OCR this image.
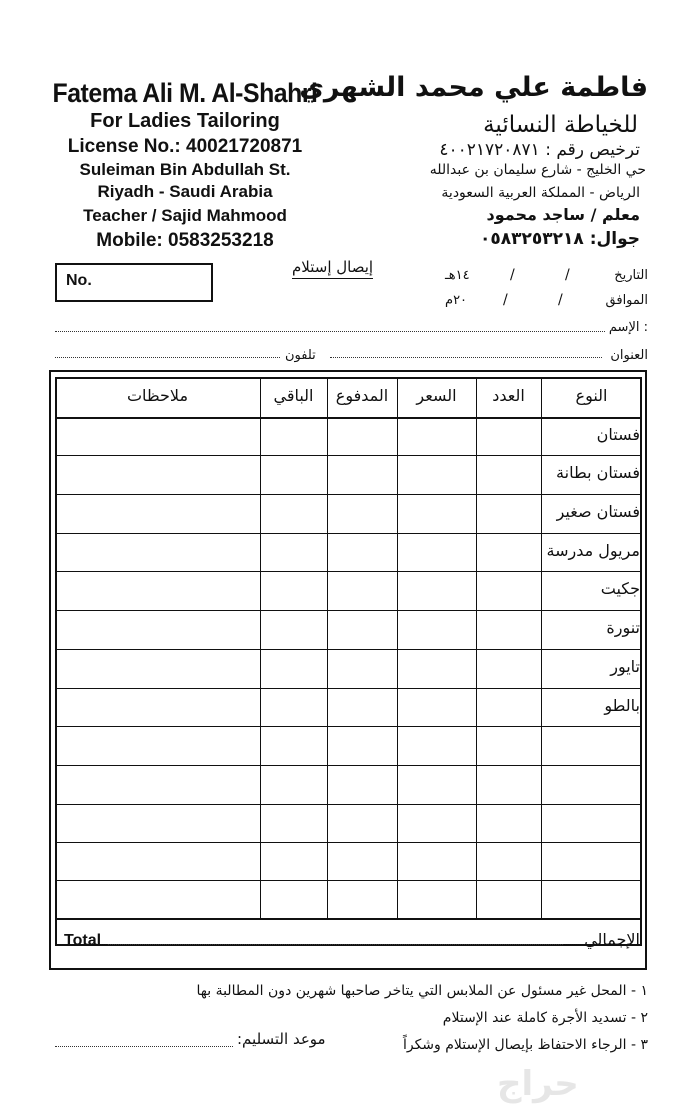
Fatema Ali M. Al-Shahri
For Ladies Tailoring
License No.: 40021720871
Suleiman Bin Abdullah St.
Riyadh - Saudi Arabia
Teacher / Sajid Mahmood
Mobile: 0583253218
فاطمة علي محمد الشهري
للخياطة النسائية
ترخيص رقم : ٤٠٠٢١٧٢٠٨٧١
حي الخليج - شارع سليمان بن عبدالله
الرياض - المملكة العربية السعودية
معلم / ساجد محمود
جوال: ٠٥٨٣٢٥٣٢١٨
No.
إيصال إستلام	التاريخ
/
/
١٤هـ
الموافق
/
/
٢٠م
الإسم :
العنوان
تلفون
النوع
العدد
السعر
المدفوع
الباقي
ملاحظات
فستان
فستان بطانة
فستان صغير
مريول مدرسة
جكيت
تنورة
تايور
بالطو
Total	الإجمالي
١ - المحل غير مسئول عن الملابس التي يتاخر صاحبها شهرين دون المطالبة بها
٢ - تسديد الأجرة كاملة عند الإستلام
٣ - الرجاء الاحتفاظ بإيصال الإستلام وشكراً
موعد التسليم:
حراج
